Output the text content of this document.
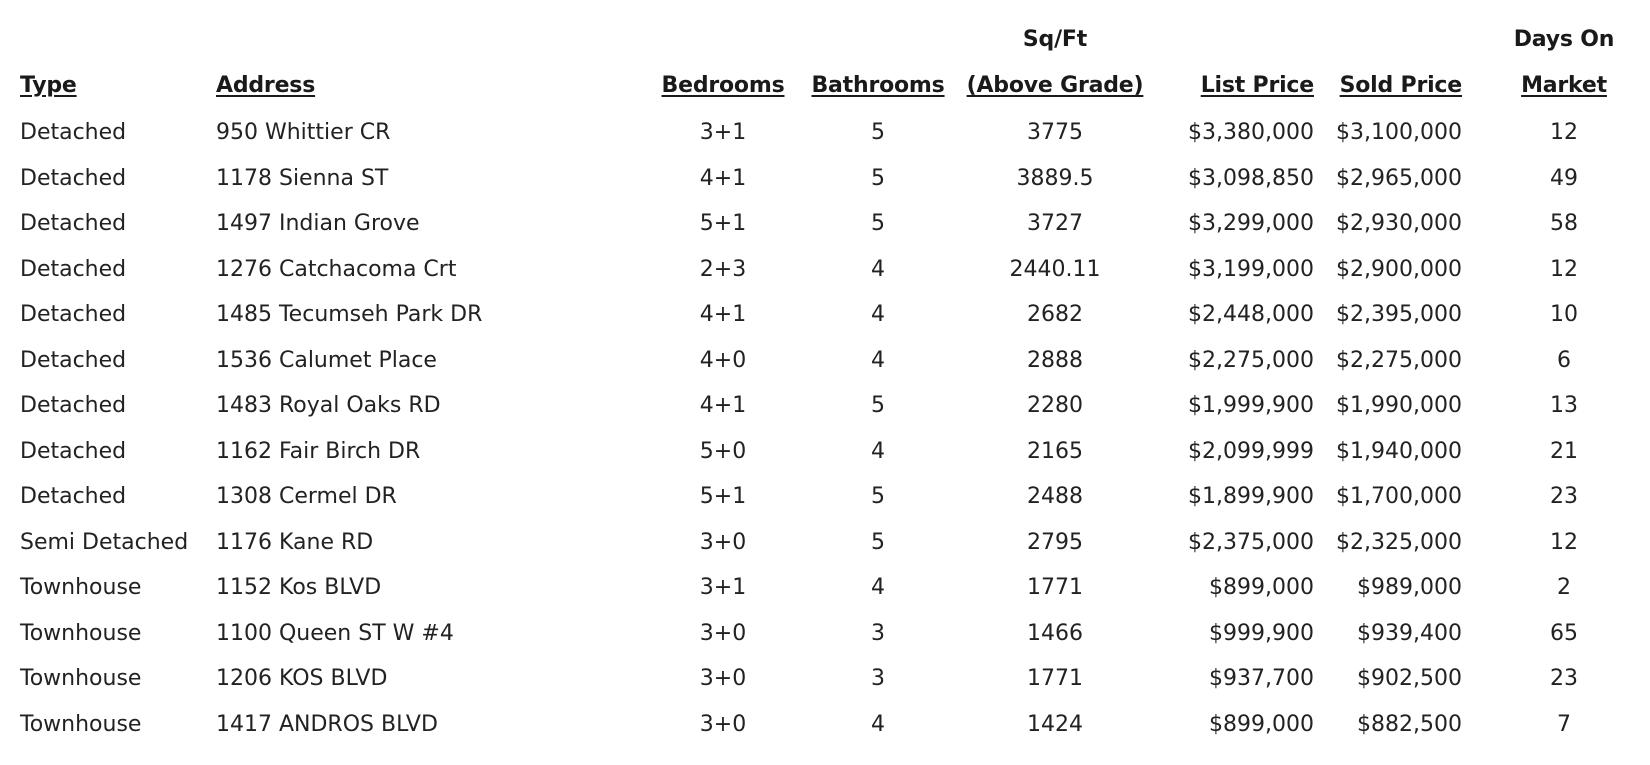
				Sq/Ft			Days On
Type	Address	Bedrooms	Bathrooms	(Above Grade)	List Price	Sold Price	Market
Detached	950 Whittier CR	3+1	5	3775	$3,380,000	$3,100,000	12
Detached	1178 Sienna ST	4+1	5	3889.5	$3,098,850	$2,965,000	49
Detached	1497 Indian Grove	5+1	5	3727	$3,299,000	$2,930,000	58
Detached	1276 Catchacoma Crt	2+3	4	2440.11	$3,199,000	$2,900,000	12
Detached	1485 Tecumseh Park DR	4+1	4	2682	$2,448,000	$2,395,000	10
Detached	1536 Calumet Place	4+0	4	2888	$2,275,000	$2,275,000	6
Detached	1483 Royal Oaks RD	4+1	5	2280	$1,999,900	$1,990,000	13
Detached	1162 Fair Birch DR	5+0	4	2165	$2,099,999	$1,940,000	21
Detached	1308 Cermel DR	5+1	5	2488	$1,899,900	$1,700,000	23
Semi Detached	1176 Kane RD	3+0	5	2795	$2,375,000	$2,325,000	12
Townhouse	1152 Kos BLVD	3+1	4	1771	$899,000	$989,000	2
Townhouse	1100 Queen ST W #4	3+0	3	1466	$999,900	$939,400	65
Townhouse	1206 KOS BLVD	3+0	3	1771	$937,700	$902,500	23
Townhouse	1417 ANDROS BLVD	3+0	4	1424	$899,000	$882,500	7
